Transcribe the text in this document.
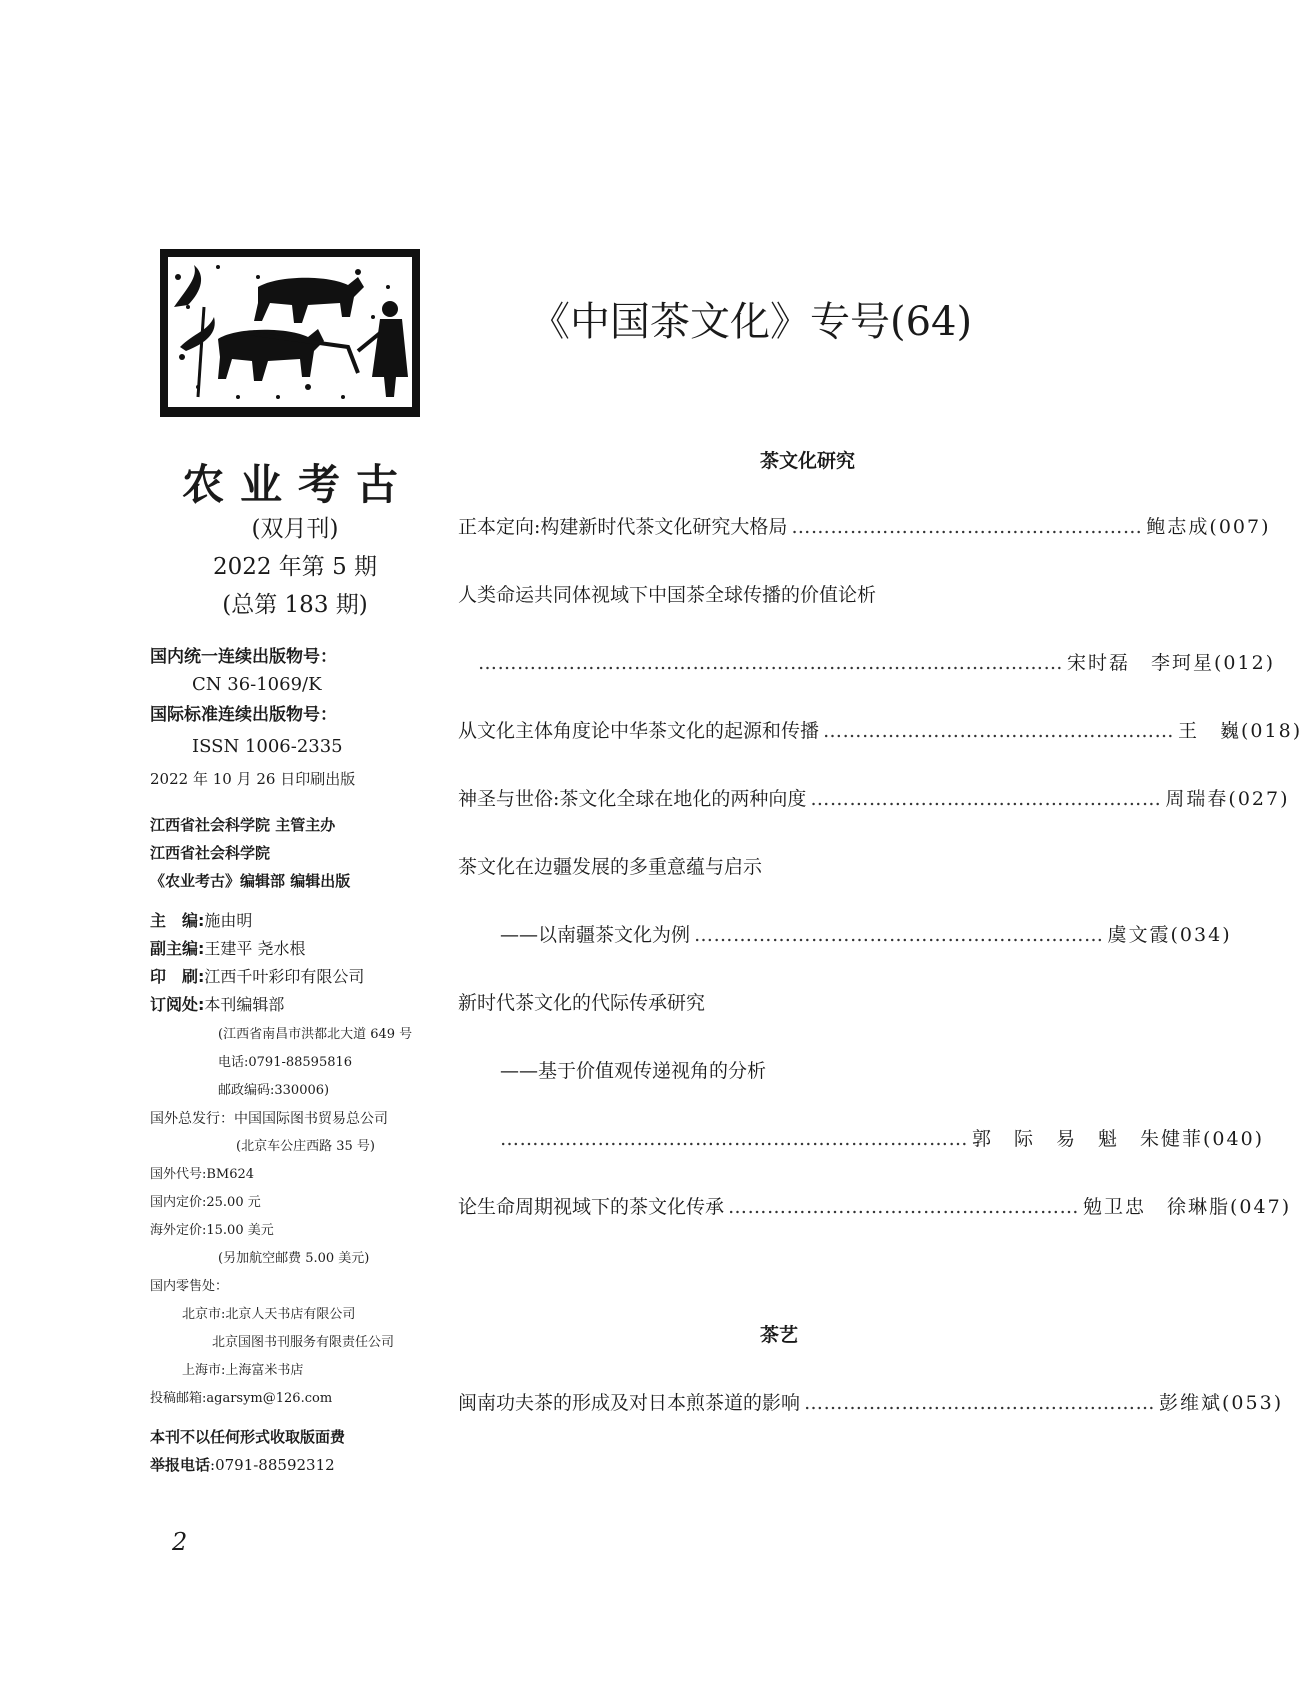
农业考古
(双月刊)
2022 年第 5 期
(总第 183 期)
国内统一连续出版物号：
CN 36-1069/K
国际标准连续出版物号：
ISSN 1006-2335
2022 年 10 月 26 日印刷出版
江西省社会科学院 主管主办
江西省社会科学院
《农业考古》编辑部 编辑出版
主　编:施由明
副主编:王建平 尧水根
印　刷:江西千叶彩印有限公司
订阅处:本刊编辑部
(江西省南昌市洪都北大道 649 号
电话:0791-88595816
邮政编码:330006)
国外总发行：中国国际图书贸易总公司
(北京车公庄西路 35 号)
国外代号:BM624
国内定价:25.00 元
海外定价:15.00 美元
(另加航空邮费 5.00 美元)
国内零售处：
北京市:北京人天书店有限公司
北京国图书刊服务有限责任公司
上海市:上海富米书店
投稿邮箱:agarsym@126.com
本刊不以任何形式收取版面费
举报电话:0791-88592312
《中国茶文化》专号(64)
茶文化研究
正本定向:构建新时代茶文化研究大格局 ……………………………………………… 鲍志成(007)
人类命运共同体视域下中国茶全球传播的价值论析
……………………………………………………………………………… 宋时磊　李珂星(012)
从文化主体角度论中华茶文化的起源和传播 ……………………………………………… 王　巍(018)
神圣与世俗:茶文化全球在地化的两种向度 ……………………………………………… 周瑞春(027)
茶文化在边疆发展的多重意蕴与启示
——以南疆茶文化为例 ……………………………………………………… 虞文霞(034)
新时代茶文化的代际传承研究
——基于价值观传递视角的分析
……………………………………………………………… 郭　际　易　魁　朱健菲(040)
论生命周期视域下的茶文化传承 ……………………………………………… 勉卫忠　徐琳脂(047)
茶艺
闽南功夫茶的形成及对日本煎茶道的影响 ……………………………………………… 彭维斌(053)
2
